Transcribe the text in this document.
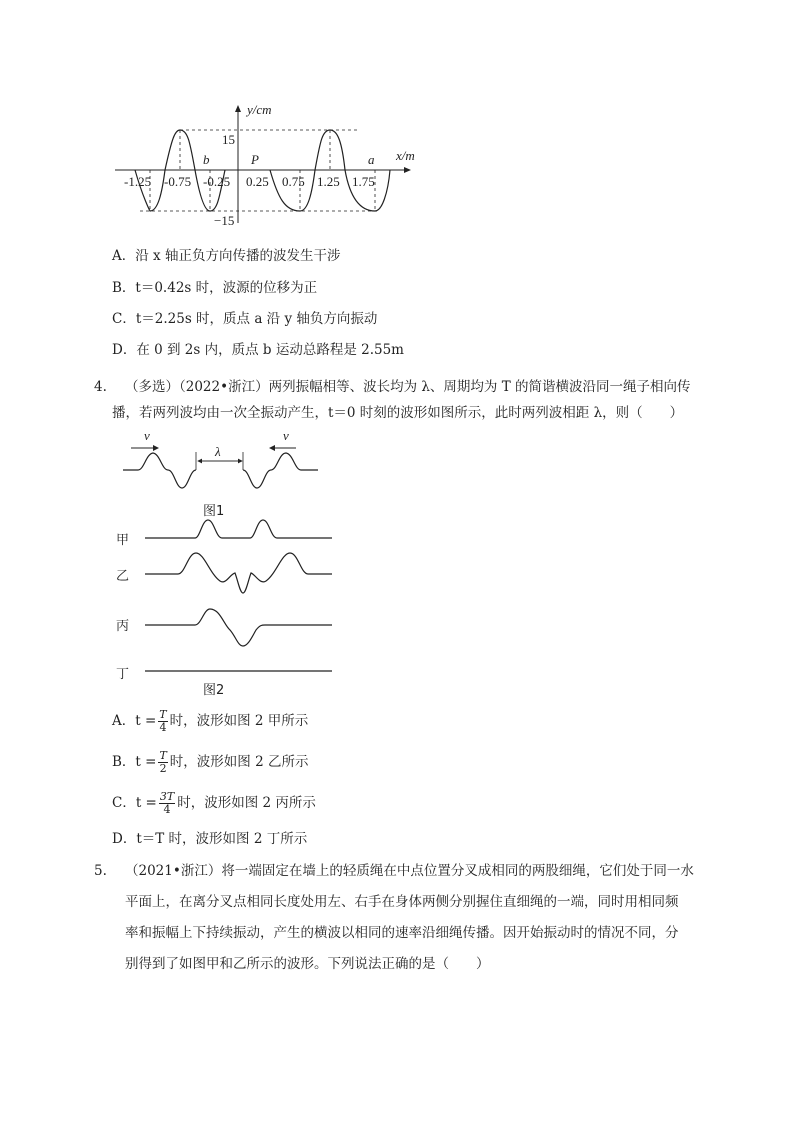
y/cm
x/m
15
−15
b	P	a
-1.25 -0.75 -0.25 0.25 0.75 1.25 1.75
A．沿 x 轴正负方向传播的波发生干涉
B．t＝0.42s 时，波源的位移为正
C．t＝2.25s 时，质点 a 沿 y 轴负方向振动
D．在 0 到 2s 内，质点 b 运动总路程是 2.55m
4. （多选）（2022•浙江）两列振幅相等、波长均为 λ、周期均为 T 的简谐横波沿同一绳子相向传
播，若两列波均由一次全振动产生，t＝0 时刻的波形如图所示，此时两列波相距 λ，则（　　）
v	v
λ
图1
甲
乙
丙
丁
图2
A．$t = \frac{T}{4}$ 时，波形如图 2 甲所示
B．$t = \frac{T}{2}$ 时，波形如图 2 乙所示
C．$t = \frac{3T}{4}$ 时，波形如图 2 丙所示
D．t＝T 时，波形如图 2 丁所示
5. （2021•浙江）将一端固定在墙上的轻质绳在中点位置分叉成相同的两股细绳，它们处于同一水
平面上，在离分叉点相同长度处用左、右手在身体两侧分别握住直细绳的一端，同时用相同频
率和振幅上下持续振动，产生的横波以相同的速率沿细绳传播。因开始振动时的情况不同，分
别得到了如图甲和乙所示的波形。下列说法正确的是（　　）
